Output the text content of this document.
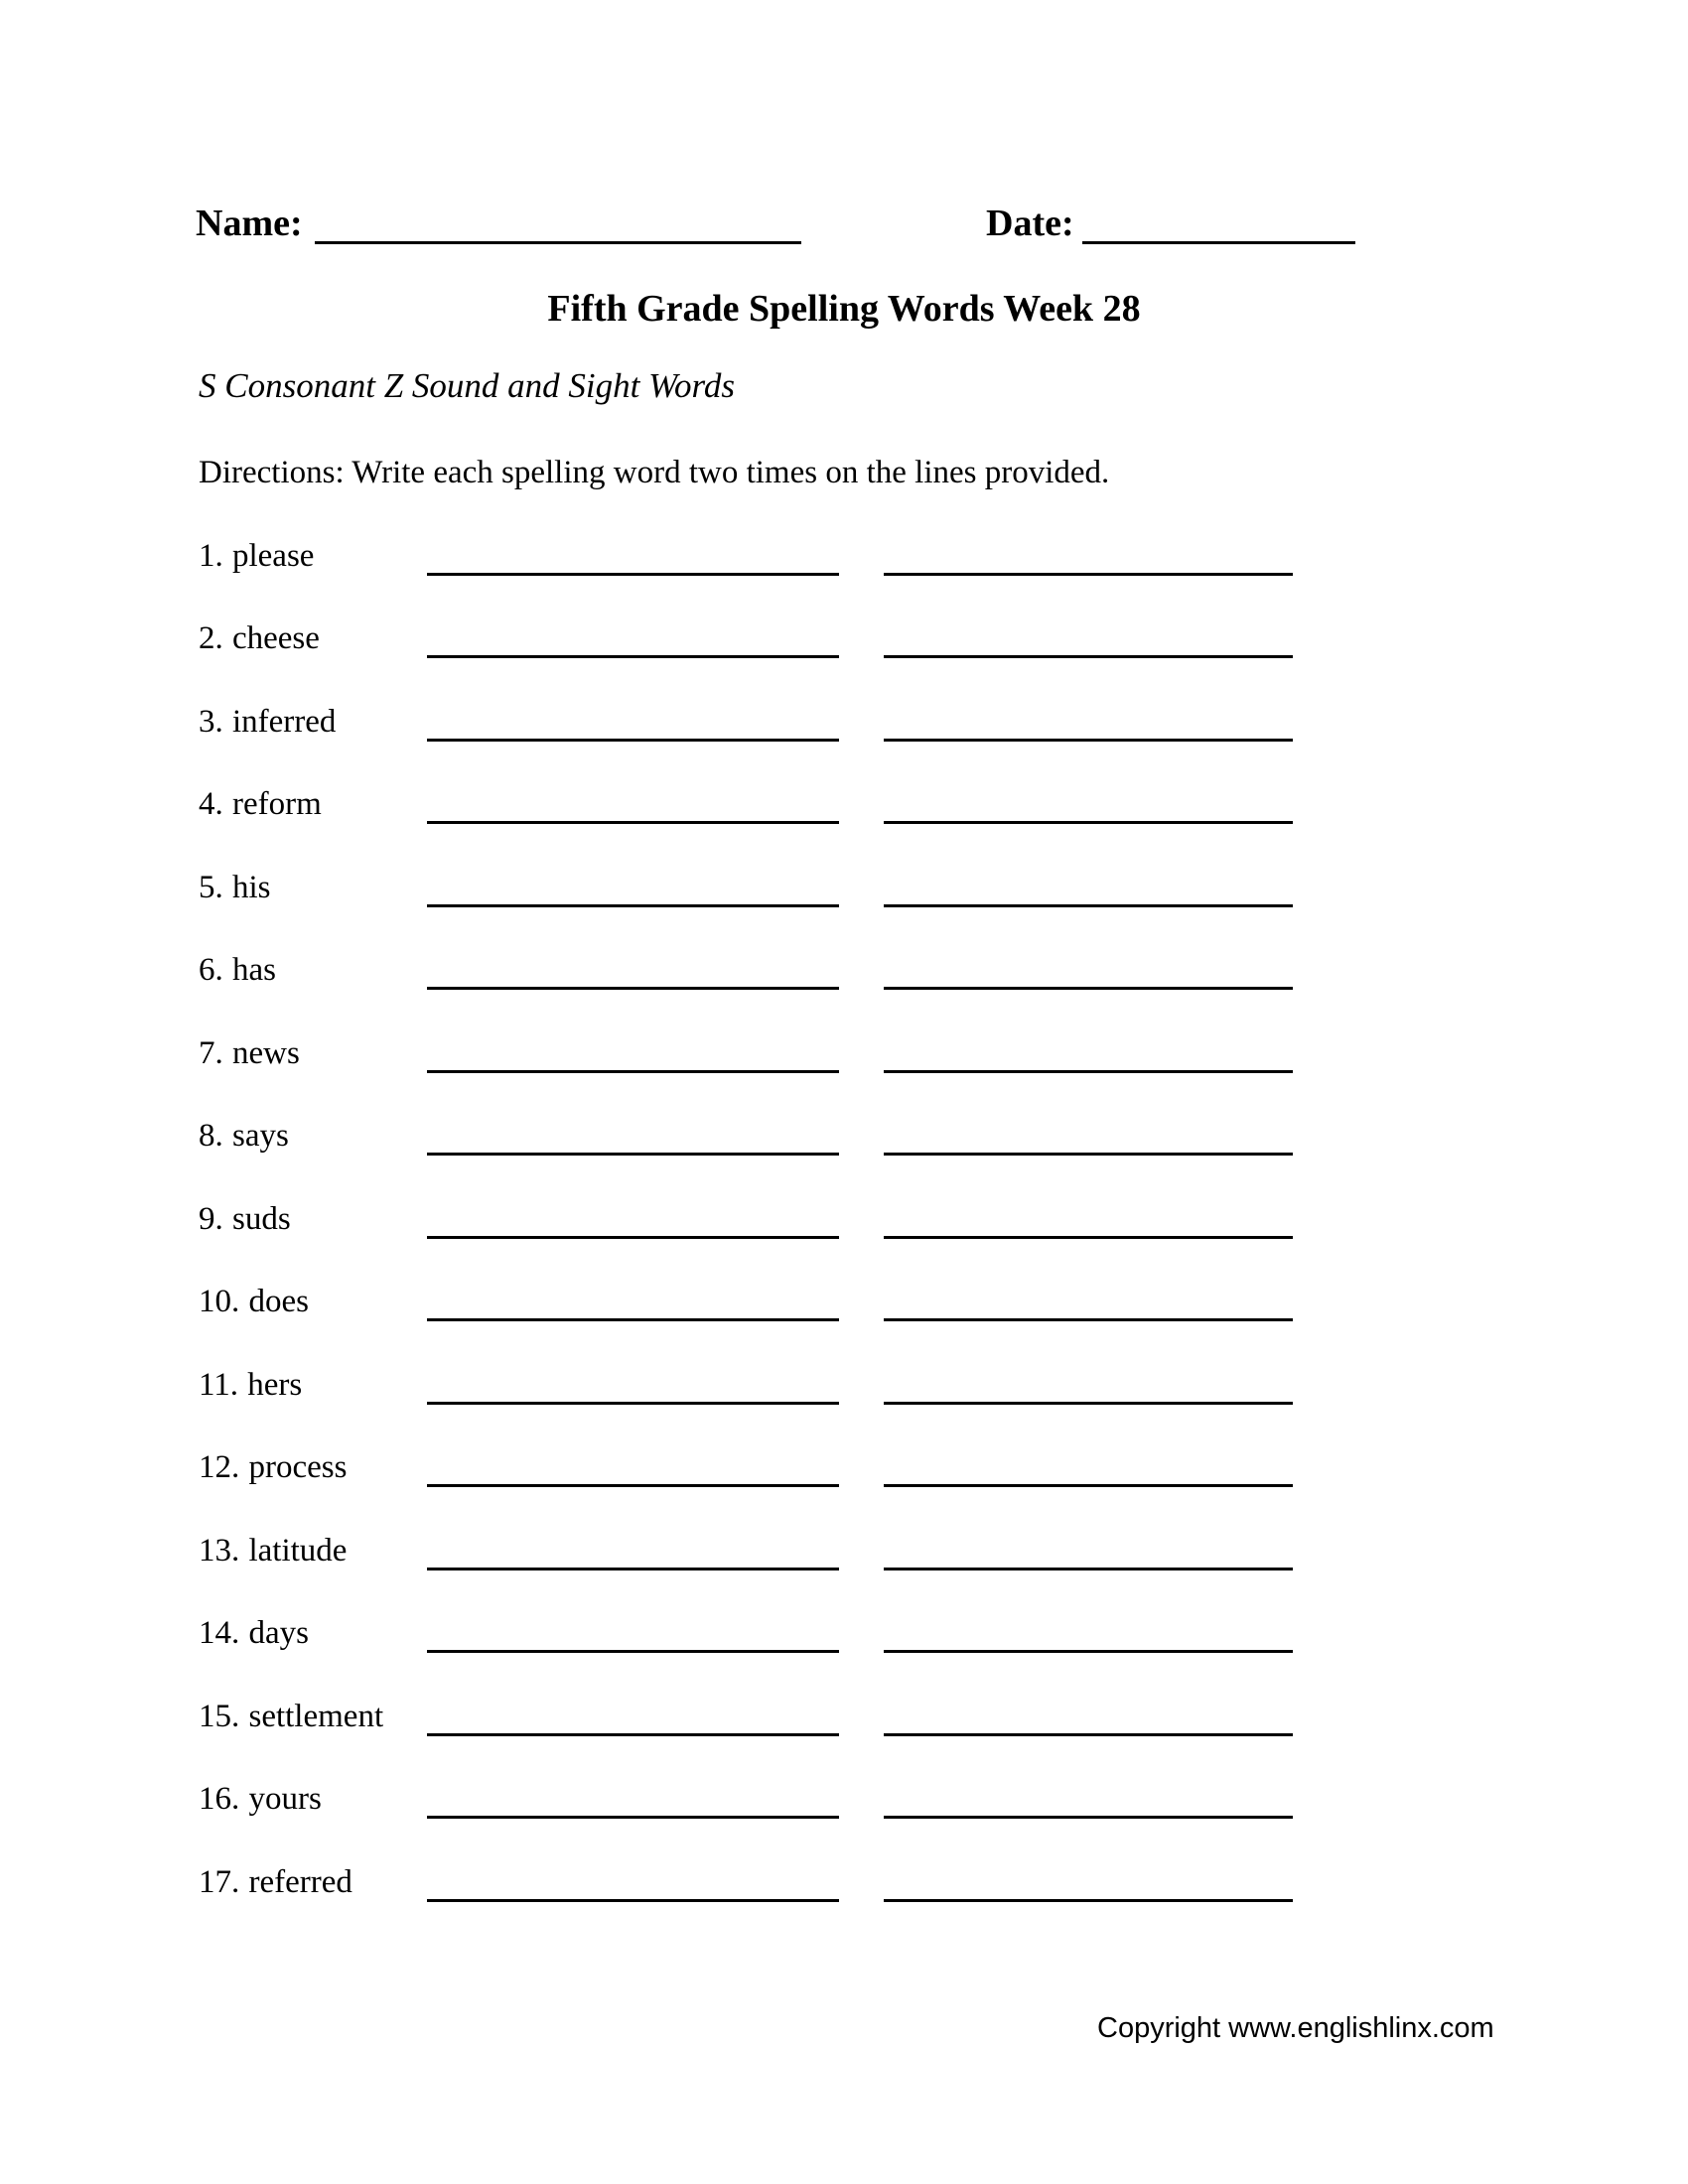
Name:	Date:
Fifth Grade Spelling Words Week 28
S Consonant Z Sound and Sight Words
Directions: Write each spelling word two times on the lines provided.
1. please
2. cheese
3. inferred
4. reform
5. his
6. has
7. news
8. says
9. suds
10. does
11. hers
12. process
13. latitude
14. days
15. settlement
16. yours
17. referred
Copyright www.englishlinx.com
